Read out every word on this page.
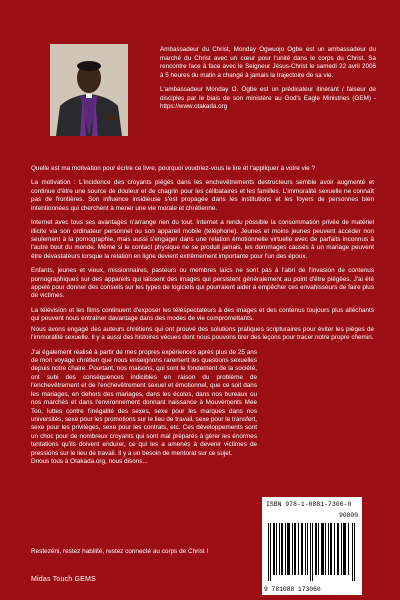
Ambassadeur du Christ, Monday Ogwuojo Ogbe est un ambassadeur du marché du Christ avec un cœur pour l'unité dans le corps du Christ. Sa rencontre face à face avec le Seigneur Jésus-Christ le samedi 22 avril 2006 à 5 heures du matin a changé à jamais la trajectoire de sa vie.

L'ambassadeur Monday O. Ogbe est un prédicateur itinérant / faiseur de disciples par le biais de son ministère au God's Eagle Ministries (GEM) - https://www.otakada.org

Quelle est ma motivation pour écrire ce livre, pourquoi voudriez-vous le lire et l'appliquer à votre vie ?

La motivation : L'incidence des croyants piégés dans les enchevêtrements destructeurs semble avoir augmenté et continue d'être une source de douleur et de chagrin pour les célibataires et les familles. L'immoralité sexuelle ne connaît pas de frontières. Son influence insidieuse s'est propagée dans les institutions et les foyers de personnes bien intentionnées qui cherchent à mener une vie morale et chrétienne.

Internet avec tous ses avantages n'arrange rien du tout. Internet a rendu possible la consommation privée de matériel illicite via son ordinateur personnel ou son appareil mobile (téléphone). Jeunes et moins jeunes peuvent accéder non seulement à la pornographie, mais aussi s'engager dans une relation émotionnelle virtuelle avec de parfaits inconnus à l'autre bout du monde. Même si le contact physique ne se produit jamais, les dommages causés à un mariage peuvent être dévastateurs lorsque la relation en ligne devient extrêmement importante pour l'un des époux.

Enfants, jeunes et vieux, missionnaires, pasteurs ou membres laïcs ne sont pas à l'abri de l'invasion de contenus pornographiques sur des appareils qui laissent des images qui persistent généralement au point d'être piégées. J'ai été appelé pour donner des conseils sur les types de logiciels qui pourraient aider à empêcher ces envahisseurs de faire plus de victimes.

La télévision et les films continuent d'exposer les téléspectateurs à des images et des contenus toujours plus alléchants qui peuvent nous entraîner davantage dans des modes de vie compromettants.

Nous avons engagé des auteurs chrétiens qui ont prouvé des solutions pratiques scripturaires pour éviter les pièges de l'immoralité sexuelle. Il y a aussi des histoires vécues dont nous pouvons tirer des leçons pour tracer notre propre chemin.

J'ai également réalisé à partir de mes propres expériences après plus de 25 ans de mon voyage chrétien que nous enseignons rarement les questions sexuelles depuis notre chaire. Pourtant, nos maisons, qui sont le fondement de la société, ont subi des conséquences indicibles en raison du problème de l'enchevêtrement et de l'enchevêtrement sexuel et émotionnel, que ce soit dans les mariages, en dehors des mariages, dans les écoles, dans nos bureaux ou nos marchés et dans l'environnement donnant naissance à Mouvements Mee Too, luttes contre l'inégalité des sexes, sexe pour les marques dans nos universités, sexe pour les promotions sur le lieu de travail, sexe pour le transfert, sexe pour les privilèges, sexe pour les contrats, etc. Ces développements sont un choc pour de nombreux croyants qui sont mal préparés à gérer les énormes tentations qu'ils doivent endurer, ce qui les a amenés à devenir victimes de pressions sur le lieu de travail. Il y a un besoin de mentorat sur ce sujet.

Dnous tous à Otakada.org, nous disons...

Restezéni, restez habilité, restez connecté au corps de Christ !
Midas Touch GEMS
ISBN 978-1-0881-7306-0
90000
9 781088 173060
